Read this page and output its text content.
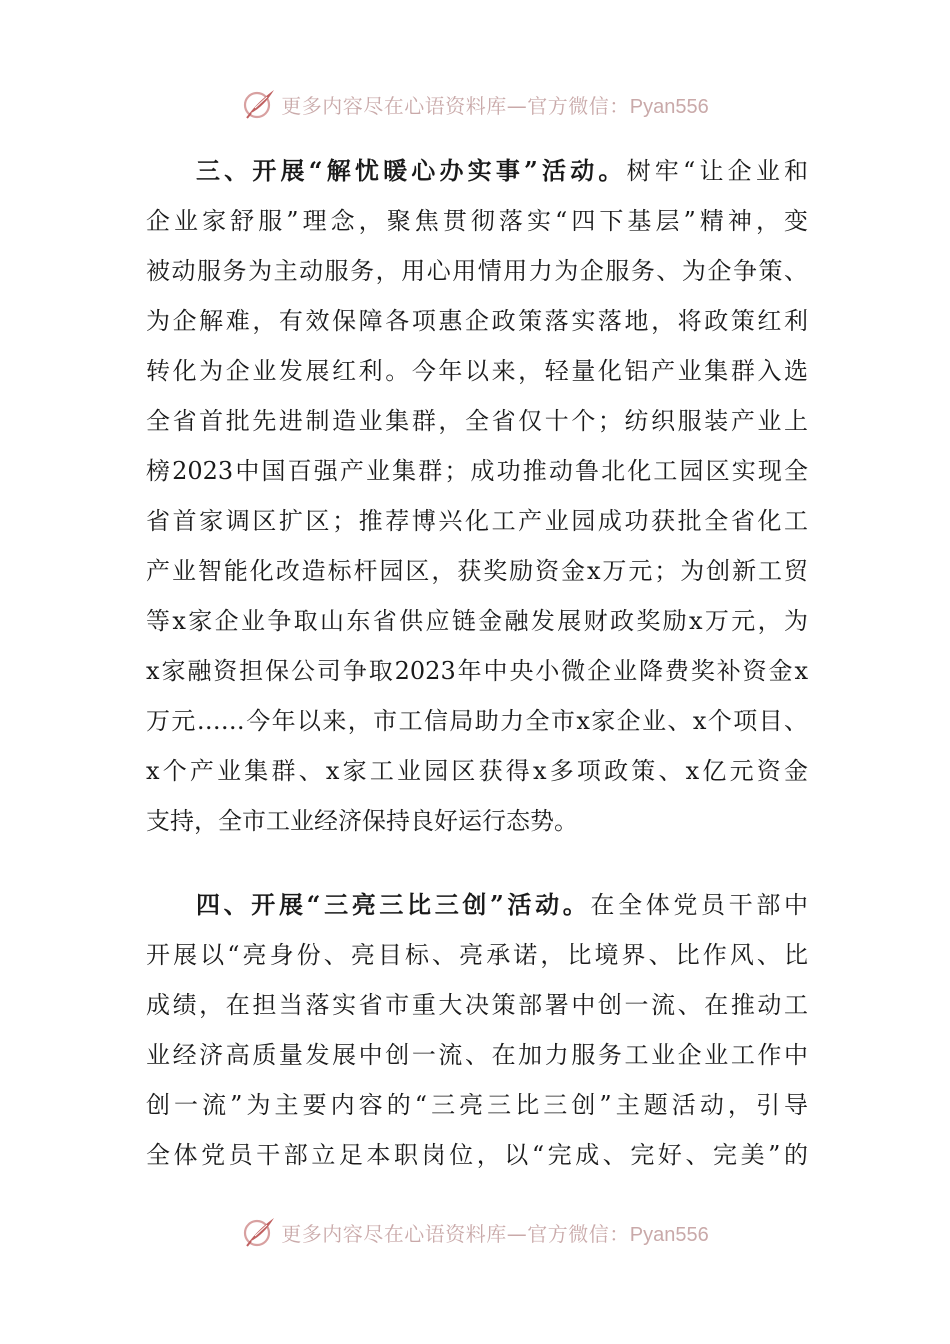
更多内容尽在心语资料库—官方微信：Pyan556

三、开展“解忧暖心办实事”活动。树牢“让企业和
企业家舒服”理念，聚焦贯彻落实“四下基层”精神，变
被动服务为主动服务，用心用情用力为企服务、为企争策、
为企解难，有效保障各项惠企政策落实落地，将政策红利
转化为企业发展红利。今年以来，轻量化铝产业集群入选
全省首批先进制造业集群，全省仅十个；纺织服装产业上
榜2023中国百强产业集群；成功推动鲁北化工园区实现全
省首家调区扩区；推荐博兴化工产业园成功获批全省化工
产业智能化改造标杆园区，获奖励资金x万元；为创新工贸
等x家企业争取山东省供应链金融发展财政奖励x万元，为
x家融资担保公司争取2023年中央小微企业降费奖补资金x
万元……今年以来，市工信局助力全市x家企业、x个项目、
x个产业集群、x家工业园区获得x多项政策、x亿元资金
支持，全市工业经济保持良好运行态势。

四、开展“三亮三比三创”活动。在全体党员干部中
开展以“亮身份、亮目标、亮承诺，比境界、比作风、比
成绩，在担当落实省市重大决策部署中创一流、在推动工
业经济高质量发展中创一流、在加力服务工业企业工作中
创一流”为主要内容的“三亮三比三创”主题活动，引导
全体党员干部立足本职岗位，以“完成、完好、完美”的

更多内容尽在心语资料库—官方微信：Pyan556
